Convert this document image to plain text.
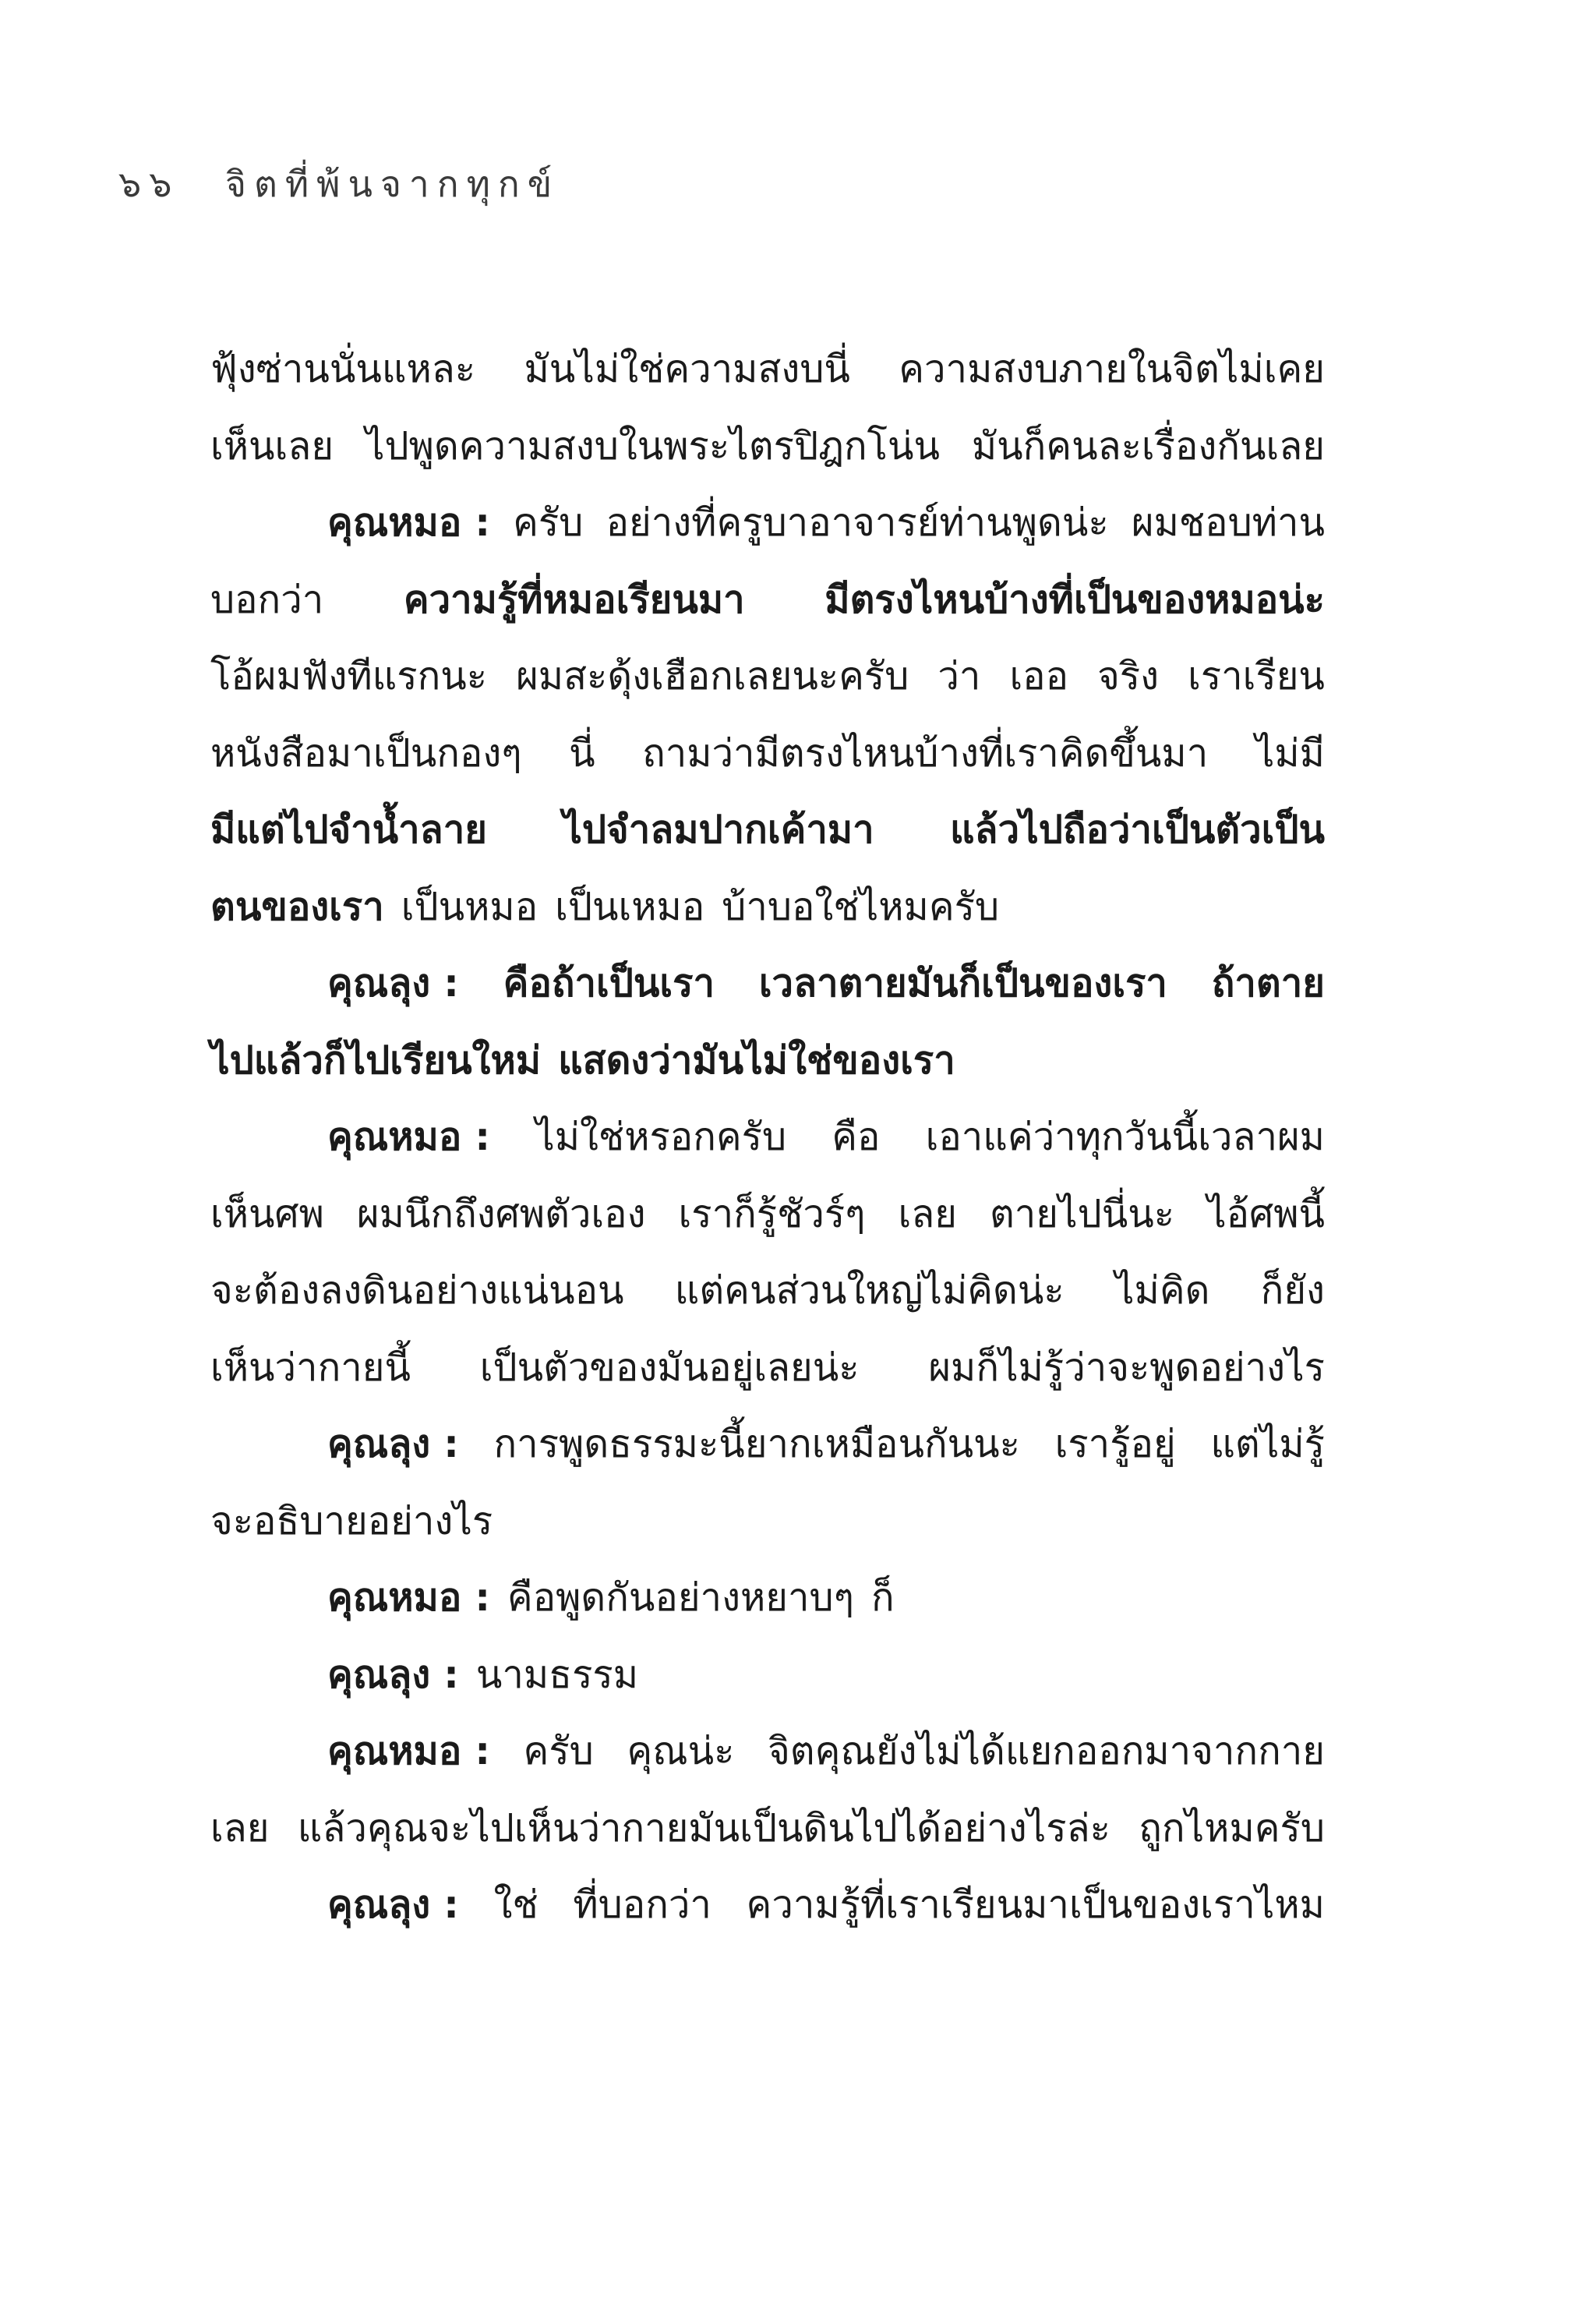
๖๖ จิตที่พ้นจากทุกข์
ฟุ้งซ่านนั่นแหละ มันไม่ใช่ความสงบนี่ ความสงบภายในจิตไม่เคย
เห็นเลย ไปพูดความสงบในพระไตรปิฎกโน่น มันก็คนละเรื่องกันเลย
คุณหมอ : ครับ อย่างที่ครูบาอาจารย์ท่านพูดน่ะ ผมชอบท่าน
บอกว่า ความรู้ที่หมอเรียนมา มีตรงไหนบ้างที่เป็นของหมอน่ะ
โอ้ผมฟังทีแรกนะ ผมสะดุ้งเฮือกเลยนะครับ ว่า เออ จริง เราเรียน
หนังสือมาเป็นกองๆ นี่ ถามว่ามีตรงไหนบ้างที่เราคิดขึ้นมา ไม่มี
มีแต่ไปจำน้ำลาย ไปจำลมปากเค้ามา แล้วไปถือว่าเป็นตัวเป็น
ตนของเรา เป็นหมอ เป็นเหมอ บ้าบอใช่ไหมครับ
คุณลุง : คือถ้าเป็นเรา เวลาตายมันก็เป็นของเรา ถ้าตาย
ไปแล้วก็ไปเรียนใหม่ แสดงว่ามันไม่ใช่ของเรา
คุณหมอ : ไม่ใช่หรอกครับ คือ เอาแค่ว่าทุกวันนี้เวลาผม
เห็นศพ ผมนึกถึงศพตัวเอง เราก็รู้ชัวร์ๆ เลย ตายไปนี่นะ ไอ้ศพนี้
จะต้องลงดินอย่างแน่นอน แต่คนส่วนใหญ่ไม่คิดน่ะ ไม่คิด ก็ยัง
เห็นว่ากายนี้ เป็นตัวของมันอยู่เลยน่ะ ผมก็ไม่รู้ว่าจะพูดอย่างไร
คุณลุง : การพูดธรรมะนี้ยากเหมือนกันนะ เรารู้อยู่ แต่ไม่รู้
จะอธิบายอย่างไร
คุณหมอ : คือพูดกันอย่างหยาบๆ ก็
คุณลุง : นามธรรม
คุณหมอ : ครับ คุณน่ะ จิตคุณยังไม่ได้แยกออกมาจากกาย
เลย แล้วคุณจะไปเห็นว่ากายมันเป็นดินไปได้อย่างไรล่ะ ถูกไหมครับ
คุณลุง : ใช่ ที่บอกว่า ความรู้ที่เราเรียนมาเป็นของเราไหม
